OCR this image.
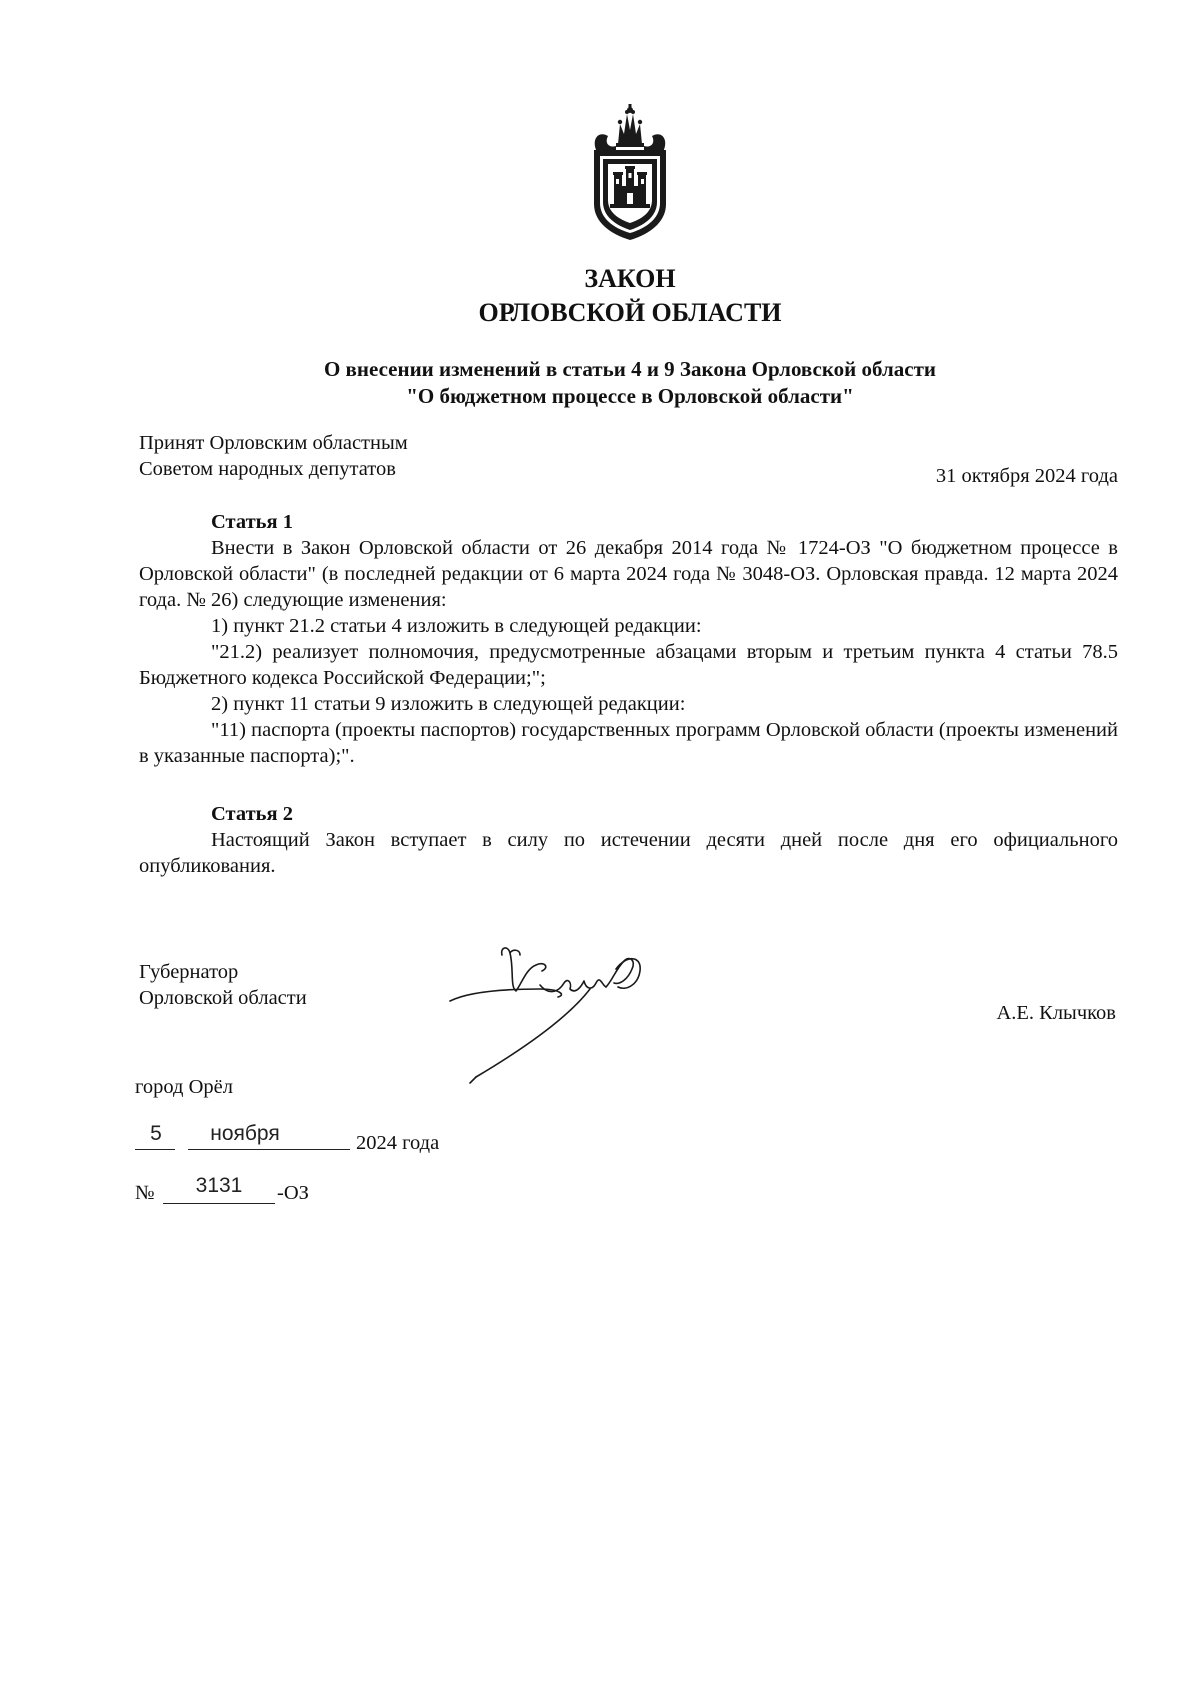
ЗАКОН
ОРЛОВСКОЙ ОБЛАСТИ
О внесении изменений в статьи 4 и 9 Закона Орловской области
"О бюджетном процессе в Орловской области"
Принят Орловским областным
Советом народных депутатов	31 октября 2024 года
Статья 1
Внести в Закон Орловской области от 26 декабря 2014 года № 1724-ОЗ "О бюджетном процессе в Орловской области" (в последней редакции от 6 марта 2024 года № 3048-ОЗ. Орловская правда. 12 марта 2024 года. № 26) следующие изменения:
1) пункт 21.2 статьи 4 изложить в следующей редакции:
"21.2) реализует полномочия, предусмотренные абзацами вторым и третьим пункта 4 статьи 78.5 Бюджетного кодекса Российской Федерации;";
2) пункт 11 статьи 9 изложить в следующей редакции:
"11) паспорта (проекты паспортов) государственных программ Орловской области (проекты изменений в указанные паспорта);".
Статья 2
Настоящий Закон вступает в силу по истечении десяти дней после дня его официального опубликования.
Губернатор
Орловской области
А.Е. Клычков
город Орёл
5	ноября	2024 года
№	3131	-ОЗ
